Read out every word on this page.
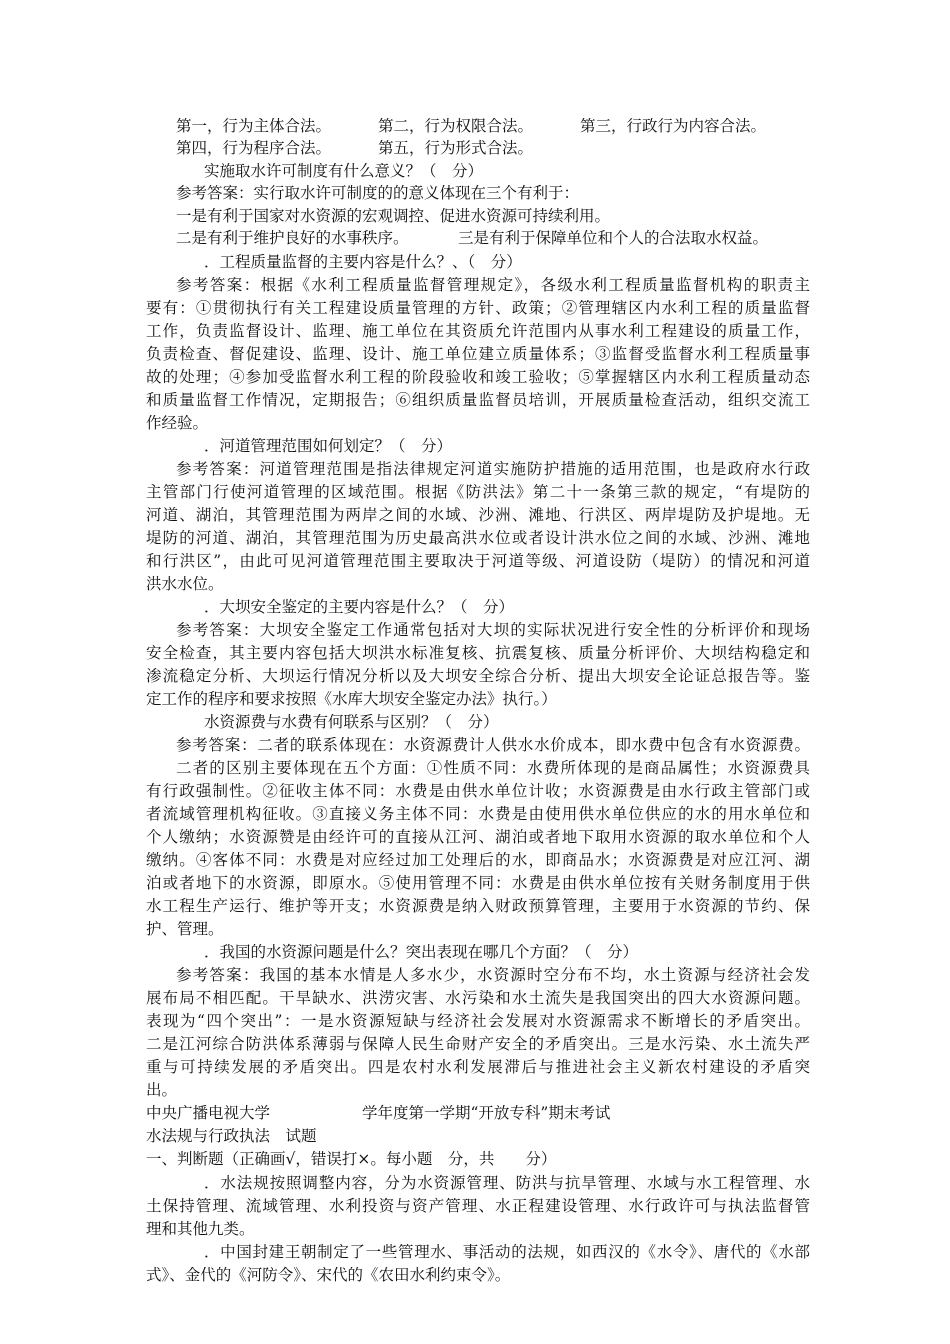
第一，行为主体合法。	第二，行为权限合法。	第三，行政行为内容合法。
第四，行为程序合法。	第五，行为形式合法。
实施取水许可制度有什么意义？（　分）
参考答案：实行取水许可制度的的意义体现在三个有利于：
一是有利于国家对水资源的宏观调控、促进水资源可持续利用。
二是有利于维护良好的水事秩序。	三是有利于保障单位和个人的合法取水权益。
．工程质量监督的主要内容是什么？、（　分）
参考答案：根据《水利工程质量监督管理规定》，各级水利工程质量监督机构的职责主
要有：①贯彻执行有关工程建设质量管理的方针、政策；②管理辖区内水利工程的质量监督
工作，负责监督设计、监理、施工单位在其资质允许范围内从事水利工程建设的质量工作，
负责检查、督促建设、监理、设计、施工单位建立质量体系；③监督受监督水利工程质量事
故的处理；④参加受监督水利工程的阶段验收和竣工验收；⑤掌握辖区内水利工程质量动态
和质量监督工作情况，定期报告；⑥组织质量监督员培训，开展质量检查活动，组织交流工
作经验。
．河道管理范围如何划定？（　分）
参考答案：河道管理范围是指法律规定河道实施防护措施的适用范围，也是政府水行政
主管部门行使河道管理的区域范围。根据《防洪法》第二十一条第三款的规定，“有堤防的
河道、湖泊，其管理范围为两岸之间的水域、沙洲、滩地、行洪区、两岸堤防及护堤地。无
堤防的河道、湖泊，其管理范围为历史最高洪水位或者设计洪水位之间的水域、沙洲、滩地
和行洪区”，由此可见河道管理范围主要取决于河道等级、河道设防（堤防）的情况和河道
洪水水位。
．大坝安全鉴定的主要内容是什么？（　分）
参考答案：大坝安全鉴定工作通常包括对大坝的实际状况进行安全性的分析评价和现场
安全检查，其主要内容包括大坝洪水标准复核、抗震复核、质量分析评价、大坝结构稳定和
渗流稳定分析、大坝运行情况分析以及大坝安全综合分析、提出大坝安全论证总报告等。鉴
定工作的程序和要求按照《水库大坝安全鉴定办法》执行。）
水资源费与水费有何联系与区别？（　分）
参考答案：二者的联系体现在：水资源费计人供水水价成本，即水费中包含有水资源费。
二者的区别主要体现在五个方面：①性质不同：水费所体现的是商品属性；水资源费具
有行政强制性。②征收主体不同：水费是由供水单位计收；水资源费是由水行政主管部门或
者流域管理机构征收。③直接义务主体不同：水费是由使用供水单位供应的水的用水单位和
个人缴纳；水资源赞是由经许可的直接从江河、湖泊或者地下取用水资源的取水单位和个人
缴纳。④客体不同：水费是对应经过加工处理后的水，即商品水；水资源费是对应江河、湖
泊或者地下的水资源，即原水。⑤使用管理不同：水费是由供水单位按有关财务制度用于供
水工程生产运行、维护等开支；水资源费是纳入财政预算管理，主要用于水资源的节约、保
护、管理。
．我国的水资源问题是什么？突出表现在哪几个方面？（　分）
参考答案：我国的基本水情是人多水少，水资源时空分布不均，水土资源与经济社会发
展布局不相匹配。干旱缺水、洪涝灾害、水污染和水土流失是我国突出的四大水资源问题。
表现为“四个突出”：一是水资源短缺与经济社会发展对水资源需求不断增长的矛盾突出。
二是江河综合防洪体系薄弱与保障人民生命财产安全的矛盾突出。三是水污染、水土流失严
重与可持续发展的矛盾突出。四是农村水利发展滞后与推进社会主义新农村建设的矛盾突
出。
中央广播电视大学	学年度第一学期“开放专科”期末考试
水法规与行政执法　试题
一、判断题（正确画√，错误打×。每小题　分，共　　分）
．水法规按照调整内容，分为水资源管理、防洪与抗旱管理、水域与水工程管理、水
土保持管理、流域管理、水利投资与资产管理、水正程建设管理、水行政许可与执法监督管
理和其他九类。
．中国封建王朝制定了一些管理水、事活动的法规，如西汉的《水令》、唐代的《水部
式》、金代的《河防令》、宋代的《农田水利约束令》。
